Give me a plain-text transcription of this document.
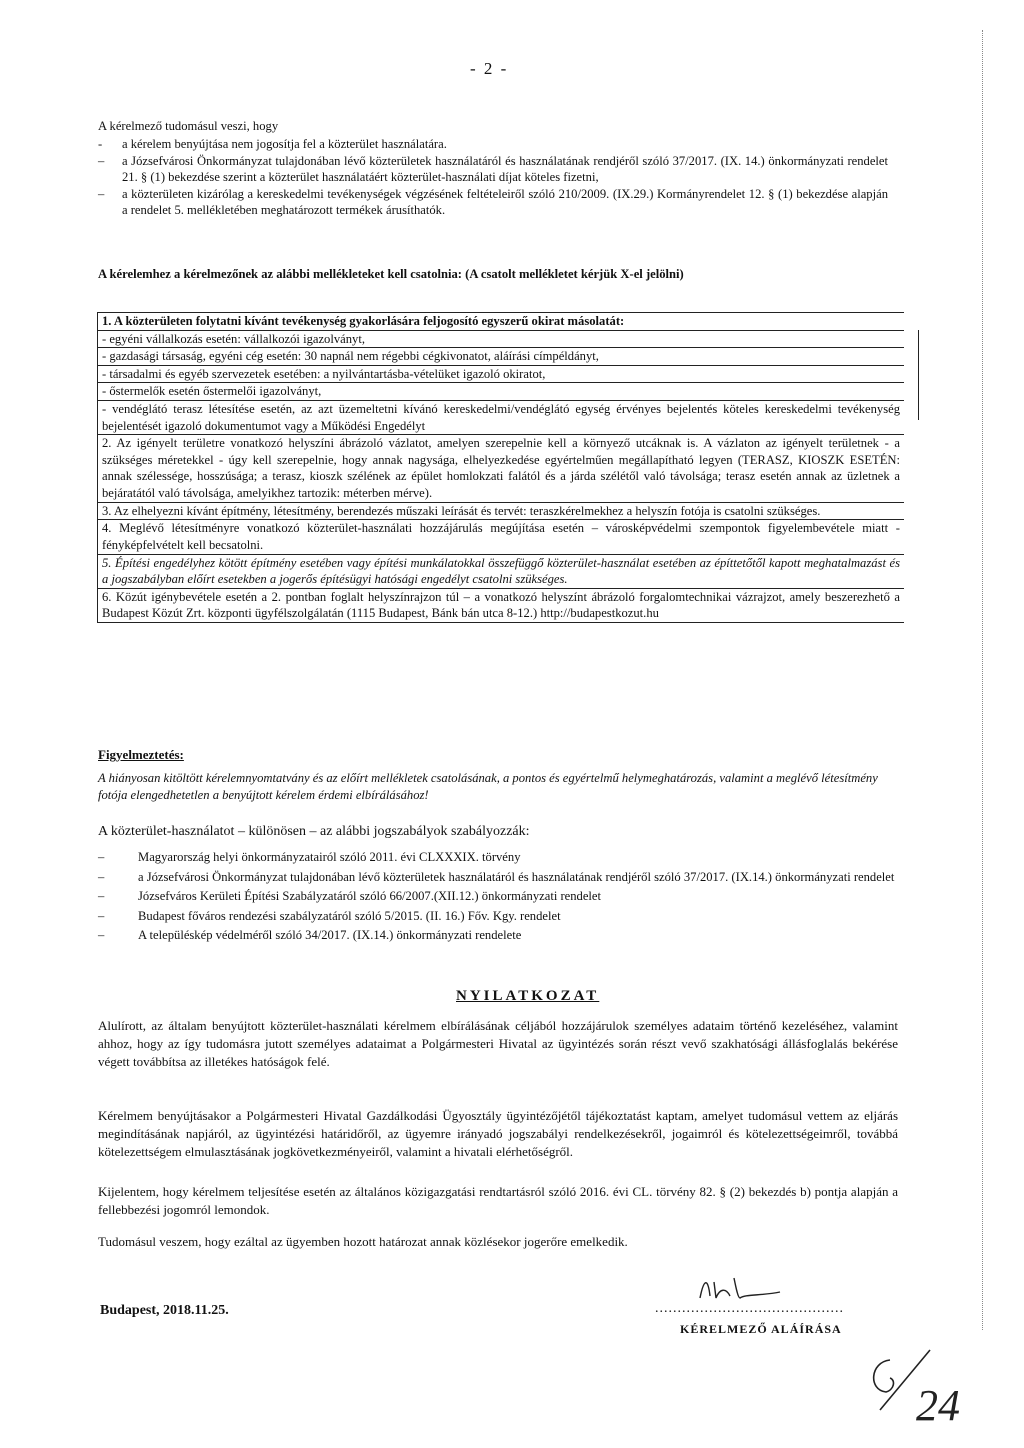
- 2 -
A kérelmező tudomásul veszi, hogy
-	a kérelem benyújtása nem jogosítja fel a közterület használatára.
–	a Józsefvárosi Önkormányzat tulajdonában lévő közterületek használatáról és használatának rendjéről szóló 37/2017. (IX. 14.) önkormányzati rendelet 21. § (1) bekezdése szerint a közterület használatáért közterület-használati díjat köteles fizetni,
–	a közterületen kizárólag a kereskedelmi tevékenységek végzésének feltételeiről szóló 210/2009. (IX.29.) Kormányrendelet 12. § (1) bekezdése alapján a rendelet 5. mellékletében meghatározott termékek árusíthatók.
A kérelemhez a kérelmezőnek az alábbi mellékleteket kell csatolnia: (A csatolt mellékletet kérjük X-el jelölni)
1. A közterületen folytatni kívánt tevékenység gyakorlására feljogosító egyszerű okirat másolatát:
- egyéni vállalkozás esetén: vállalkozói igazolványt,
- gazdasági társaság, egyéni cég esetén: 30 napnál nem régebbi cégkivonatot, aláírási címpéldányt,
- társadalmi és egyéb szervezetek esetében: a nyilvántartásba-vételüket igazoló okiratot,
- őstermelők esetén őstermelői igazolványt,
- vendéglátó terasz létesítése esetén, az azt üzemeltetni kívánó kereskedelmi/vendéglátó egység érvényes bejelentés köteles kereskedelmi tevékenység bejelentését igazoló dokumentumot vagy a Működési Engedélyt
2. Az igényelt területre vonatkozó helyszíni ábrázoló vázlatot, amelyen szerepelnie kell a környező utcáknak is. A vázlaton az igényelt területnek - a szükséges méretekkel - úgy kell szerepelnie, hogy annak nagysága, elhelyezkedése egyértelműen megállapítható legyen (TERASZ, KIOSZK ESETÉN: annak szélessége, hosszúsága; a terasz, kioszk szélének az épület homlokzati falától és a járda szélétől való távolsága; terasz esetén annak az üzletnek a bejáratától való távolsága, amelyikhez tartozik: méterben mérve).
3. Az elhelyezni kívánt építmény, létesítmény, berendezés műszaki leírását és tervét: teraszkérelmekhez a helyszín fotója is csatolni szükséges.
4. Meglévő létesítményre vonatkozó közterület-használati hozzájárulás megújítása esetén – városképvédelmi szempontok figyelembevétele miatt - fényképfelvételt kell becsatolni.
5. Építési engedélyhez kötött építmény esetében vagy építési munkálatokkal összefüggő közterület-használat esetében az építtetőtől kapott meghatalmazást és a jogszabályban előírt esetekben a jogerős építésügyi hatósági engedélyt csatolni szükséges.
6. Közút igénybevétele esetén a 2. pontban foglalt helyszínrajzon túl – a vonatkozó helyszínt ábrázoló forgalomtechnikai vázrajzot, amely beszerezhető a Budapest Közút Zrt. központi ügyfélszolgálatán (1115 Budapest, Bánk bán utca 8-12.) http://budapestkozut.hu
Figyelmeztetés:
A hiányosan kitöltött kérelemnyomtatvány és az előírt mellékletek csatolásának, a pontos és egyértelmű helymeghatározás, valamint a meglévő létesítmény fotója elengedhetetlen a benyújtott kérelem érdemi elbírálásához!
A közterület-használatot – különösen – az alábbi jogszabályok szabályozzák:
–	Magyarország helyi önkormányzatairól szóló 2011. évi CLXXXIX. törvény
–	a Józsefvárosi Önkormányzat tulajdonában lévő közterületek használatáról és használatának rendjéről szóló 37/2017. (IX.14.) önkormányzati rendelet
–	Józsefváros Kerületi Építési Szabályzatáról szóló 66/2007.(XII.12.) önkormányzati rendelet
–	Budapest főváros rendezési szabályzatáról szóló 5/2015. (II. 16.) Főv. Kgy. rendelet
–	A településkép védelméről szóló 34/2017. (IX.14.) önkormányzati rendelete
NYILATKOZAT
Alulírott, az általam benyújtott közterület-használati kérelmem elbírálásának céljából hozzájárulok személyes adataim történő kezeléséhez, valamint ahhoz, hogy az így tudomásra jutott személyes adataimat a Polgármesteri Hivatal az ügyintézés során részt vevő szakhatósági állásfoglalás bekérése végett továbbítsa az illetékes hatóságok felé.
Kérelmem benyújtásakor a Polgármesteri Hivatal Gazdálkodási Ügyosztály ügyintézőjétől tájékoztatást kaptam, amelyet tudomásul vettem az eljárás megindításának napjáról, az ügyintézési határidőről, az ügyemre irányadó jogszabályi rendelkezésekről, jogaimról és kötelezettségeimről, továbbá kötelezettségem elmulasztásának jogkövetkezményeiről, valamint a hivatali elérhetőségről.
Kijelentem, hogy kérelmem teljesítése esetén az általános közigazgatási rendtartásról szóló 2016. évi CL. törvény 82. § (2) bekezdés b) pontja alapján a fellebbezési jogomról lemondok.
Tudomásul veszem, hogy ezáltal az ügyemben hozott határozat annak közlésekor jogerőre emelkedik.
Budapest, 2018.11.25.	..........................................
KÉRELMEZŐ ALÁÍRÁSA
24
